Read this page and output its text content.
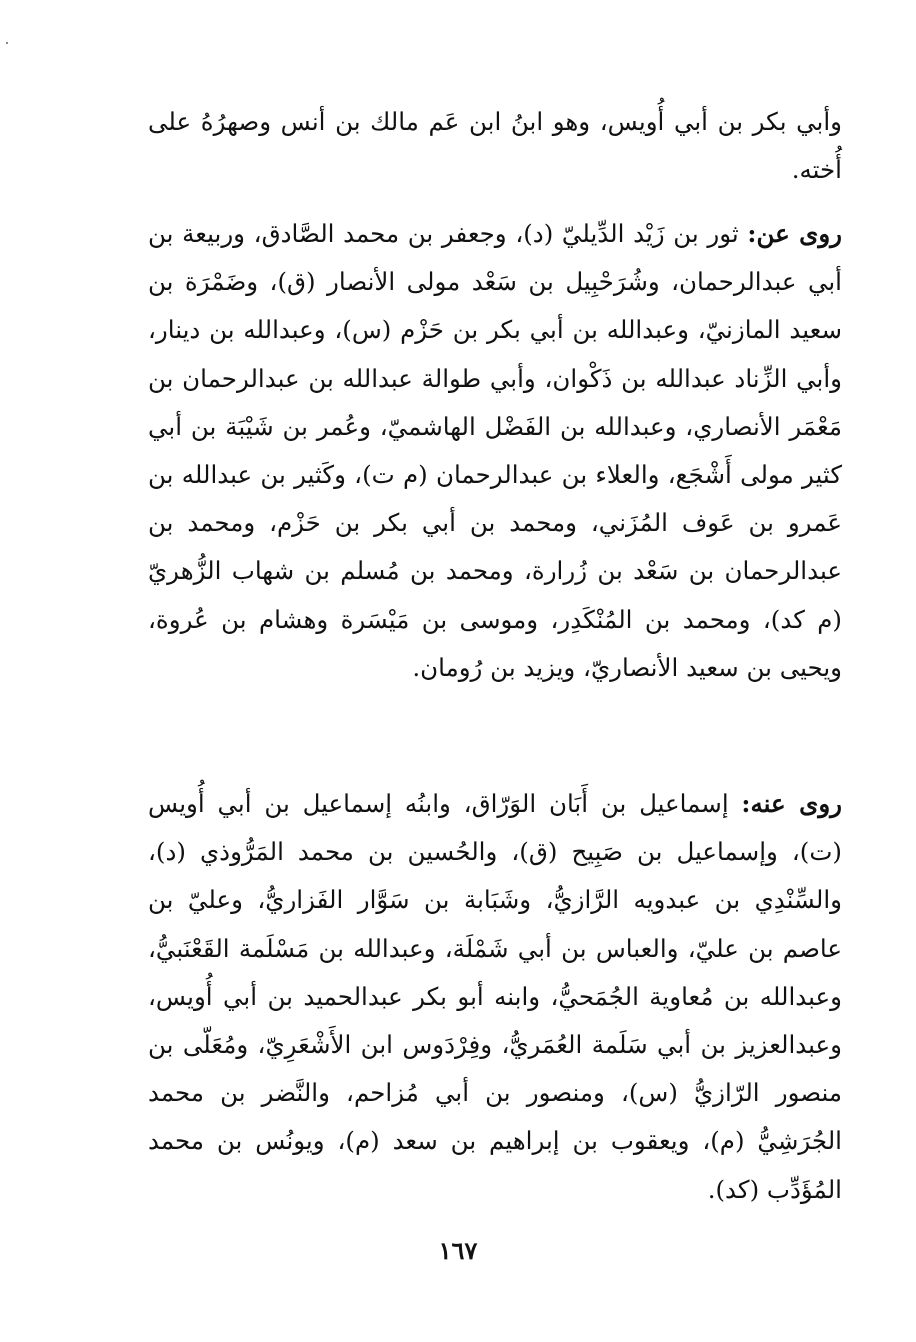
وأبي بكر بن أبي أُويس، وهو ابنُ ابن عَم مالك بن أنس وصهرُهُ على أُخته.

روى عن: ثور بن زَيْد الدِّيليّ (د)، وجعفر بن محمد الصَّادق، وربيعة بن أبي عبدالرحمان، وشُرَحْبِيل بن سَعْد مولى الأنصار (ق)، وضَمْرَة بن سعيد المازنيّ، وعبدالله بن أبي بكر بن حَزْم (س)، وعبدالله بن دينار، وأبي الزِّناد عبدالله بن ذَكْوان، وأبي طوالة عبدالله بن عبدالرحمان بن مَعْمَر الأنصاري، وعبدالله بن الفَضْل الهاشميّ، وعُمر بن شَيْبَة بن أبي كثير مولى أَشْجَع، والعلاء بن عبدالرحمان (م ت)، وكَثير بن عبدالله بن عَمرو بن عَوف المُزَني، ومحمد بن أبي بكر بن حَزْم، ومحمد بن عبدالرحمان بن سَعْد بن زُرارة، ومحمد بن مُسلم بن شهاب الزُّهريّ (م كد)، ومحمد بن المُنْكَدِر، وموسى بن مَيْسَرة وهشام بن عُروة، ويحيى بن سعيد الأنصاريّ، ويزيد بن رُومان.

روى عنه: إسماعيل بن أَبَان الوَرّاق، وابنُه إسماعيل بن أبي أُويس (ت)، وإسماعيل بن صَبِيح (ق)، والحُسين بن محمد المَرُّوذي (د)، والسِّنْدِي بن عبدويه الرَّازيُّ، وشَبَابة بن سَوَّار الفَزاريُّ، وعليّ بن عاصم بن عليّ، والعباس بن أبي شَمْلَة، وعبدالله بن مَسْلَمة القَعْنَبيُّ، وعبدالله بن مُعاوية الجُمَحيُّ، وابنه أبو بكر عبدالحميد بن أبي أُويس، وعبدالعزيز بن أبي سَلَمة العُمَريُّ، وفِرْدَوس ابن الأَشْعَرِيّ، ومُعَلّى بن منصور الرّازيُّ (س)، ومنصور بن أبي مُزاحم، والنَّضر بن محمد الجُرَشِيُّ (م)، ويعقوب بن إبراهيم بن سعد (م)، ويونُس بن محمد المُؤَدِّب (كد).

١٦٧
